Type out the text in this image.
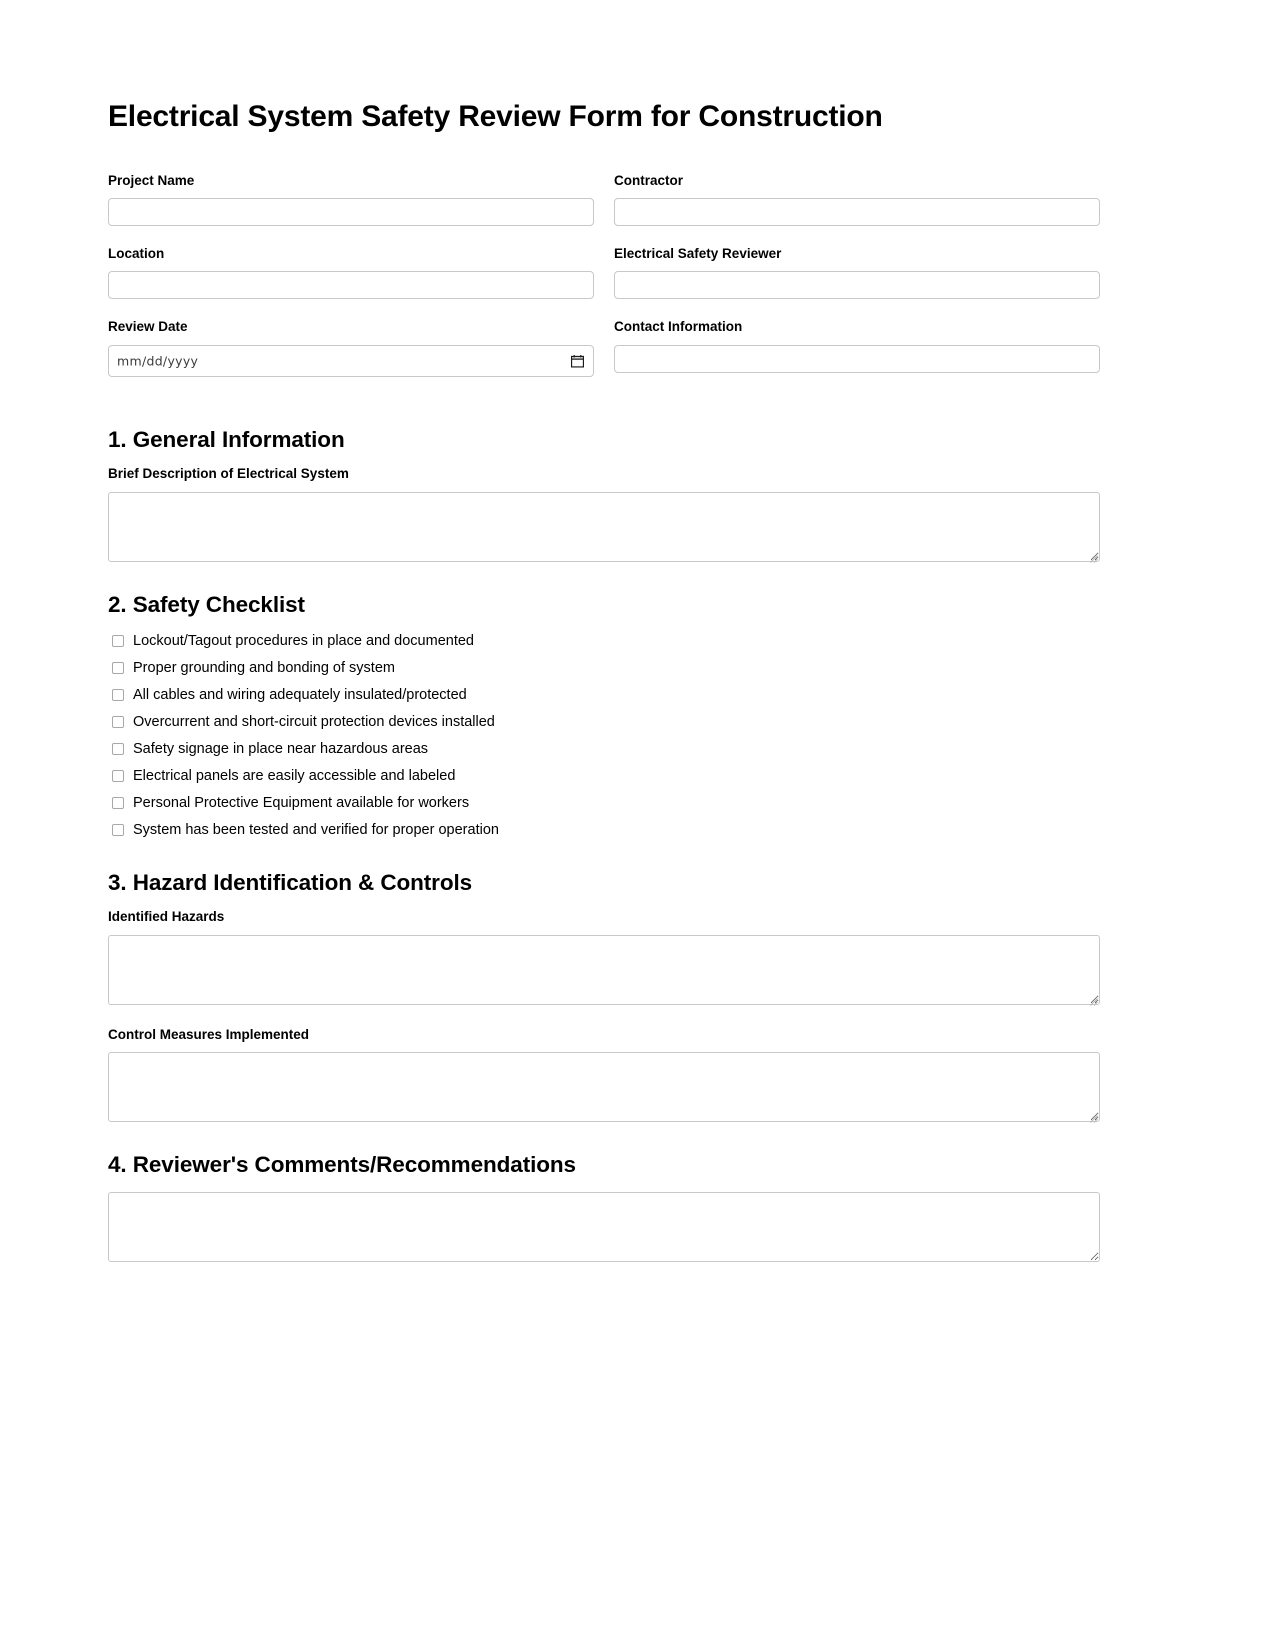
Electrical System Safety Review Form for Construction
Project Name	Contractor
Location	Electrical Safety Reviewer
Review Date
mm/dd/yyyy
Contact Information
1. General Information
Brief Description of Electrical System
2. Safety Checklist
Lockout/Tagout procedures in place and documented
Proper grounding and bonding of system
All cables and wiring adequately insulated/protected
Overcurrent and short-circuit protection devices installed
Safety signage in place near hazardous areas
Electrical panels are easily accessible and labeled
Personal Protective Equipment available for workers
System has been tested and verified for proper operation
3. Hazard Identification & Controls
Identified Hazards
Control Measures Implemented
4. Reviewer's Comments/Recommendations
